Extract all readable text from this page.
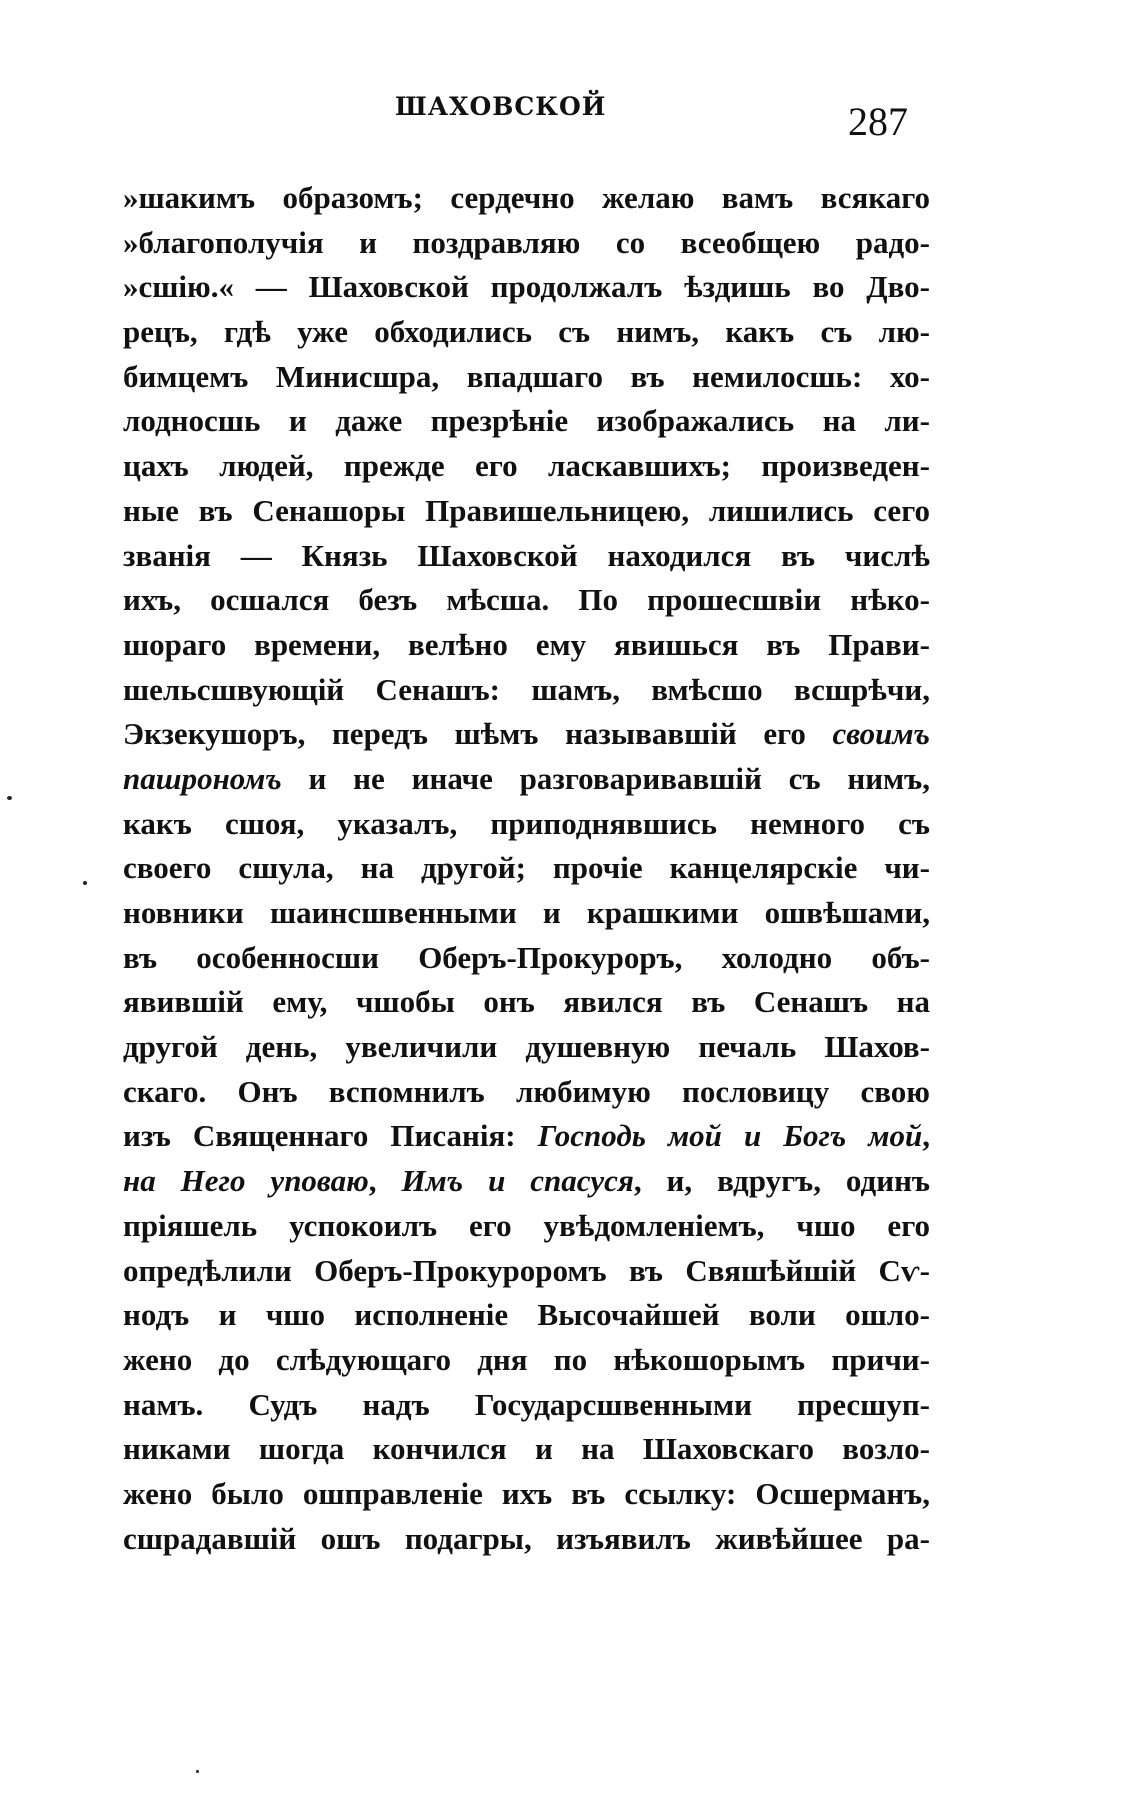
ШАХОВСКОЙ	287
»шакимъ образомъ; сердечно желаю вамъ всякаго
»благополучія и поздравляю со всеобщею радо-
»сшію.« — Шаховской продолжалъ ѣздишь во Дво-
рецъ, гдѣ уже обходились съ нимъ, какъ съ лю-
бимцемъ Минисшра, впадшаго въ немилосшь: хо-
лодносшь и даже презрѣніе изображались на ли-
цахъ людей, прежде его ласкавшихъ; произведен-
ные въ Сенашоры Правишельницею, лишились сего
званія — Князь Шаховской находился въ числѣ
ихъ, осшался безъ мѣсша. По прошесшвіи нѣко-
шораго времени, велѣно ему явишься въ Прави-
шельсшвующій Сенашъ: шамъ, вмѣсшо всшрѣчи,
Экзекушоръ, передъ шѣмъ называвшій его своимъ
пашрономъ и не иначе разговаривавшій съ нимъ,
какъ сшоя, указалъ, приподнявшись немного съ
своего сшула, на другой; прочіе канцелярскіе чи-
новники шаинсшвенными и крашкими ошвѣшами,
въ особенносши Оберъ-Прокуроръ, холодно объ-
явившій ему, чшобы онъ явился въ Сенашъ на
другой день, увеличили душевную печаль Шахов-
скаго. Онъ вспомнилъ любимую пословицу свою
изъ Священнаго Писанія: Господь мой и Богъ мой,
на Него уповаю, Имъ и спасуся, и, вдругъ, одинъ
пріяшель успокоилъ его увѣдомленіемъ, чшо его
опредѣлили Оберъ-Прокуроромъ въ Свяшѣйшій Сѵ-
нодъ и чшо исполненіе Высочайшей воли ошло-
жено до слѣдующаго дня по нѣкошорымъ причи-
намъ. Судъ надъ Государсшвенными пресшуп-
никами шогда кончился и на Шаховскаго возло-
жено было ошправленіе ихъ въ ссылку: Осшерманъ,
сшрадавшій ошъ подагры, изъявилъ живѣйшее ра-
